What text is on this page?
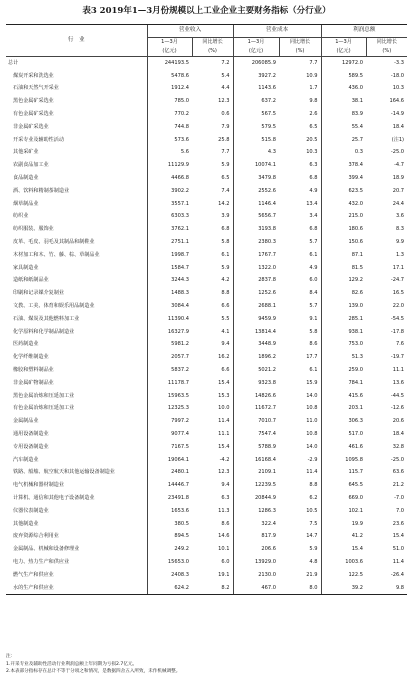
表3 2019年1—3月份规模以上工业企业主要财务指标（分行业）
行　业	营业收入		营业成本		利润总额	
	1—3月	同比增长	1—3月	同比增长	1—3月	同比增长
	(亿元)	(%)	(亿元)	(%)	(亿元)	(%)
总计	244193.5	7.2	206085.9	7.7	12972.0	-3.3
煤炭开采和洗选业	5478.6	5.4	3927.2	10.9	589.5	-18.0
石油和天然气开采业	1912.4	4.4	1143.6	1.7	436.0	10.3
黑色金属矿采选业	785.0	12.3	637.2	9.8	38.1	164.6
有色金属矿采选业	770.2	0.6	567.5	2.6	83.9	-14.9
非金属矿采选业	744.8	7.9	579.5	6.5	55.4	18.4
开采专业及辅助性活动	573.6	25.8	515.8	20.5	25.7	(注1)
其他采矿业	5.6	7.7	4.3	10.3	0.3	-25.0
农副食品加工业	11129.9	5.9	10074.1	6.3	378.4	-4.7
食品制造业	4466.8	6.5	3479.8	6.8	399.4	18.9
酒、饮料和精制茶制造业	3902.2	7.4	2552.6	4.9	623.5	20.7
烟草制品业	3557.1	14.2	1146.4	13.4	432.0	24.4
纺织业	6303.3	3.9	5656.7	3.4	215.0	3.6
纺织服装、服饰业	3762.1	6.8	3193.8	6.8	180.6	8.3
皮革、毛皮、羽毛及其制品和制鞋业	2751.1	5.8	2380.3	5.7	150.6	9.9
木材加工和木、竹、藤、棕、草制品业	1998.7	6.1	1767.7	6.1	87.1	1.3
家具制造业	1584.7	5.9	1322.0	4.9	81.5	17.1
造纸和纸制品业	3244.3	4.2	2837.8	6.0	129.2	-24.7
印刷和记录媒介复制业	1488.3	8.8	1252.6	8.4	82.6	16.5
文教、工美、体育和娱乐用品制造业	3084.4	6.6	2688.1	5.7	139.0	22.0
石油、煤炭及其他燃料加工业	11390.4	5.5	9459.9	9.1	285.1	-54.5
化学原料和化学制品制造业	16327.9	4.1	13814.4	5.8	938.1	-17.8
医药制造业	5981.2	9.4	3448.9	8.6	753.0	7.6
化学纤维制造业	2057.7	16.2	1896.2	17.7	51.3	-19.7
橡胶和塑料制品业	5837.2	6.6	5021.2	6.1	259.0	11.1
非金属矿物制品业	11178.7	15.4	9323.8	15.9	784.1	13.6
黑色金属冶炼和压延加工业	15963.5	15.3	14826.6	14.0	415.6	-44.5
有色金属冶炼和压延加工业	12325.3	10.0	11672.7	10.8	203.1	-12.6
金属制品业	7997.2	11.4	7010.7	11.0	306.3	20.6
通用设备制造业	9077.4	11.1	7547.4	10.8	517.0	18.4
专用设备制造业	7167.5	15.4	5788.9	14.0	461.6	32.8
汽车制造业	19064.1	-4.2	16168.4	-2.9	1095.8	-25.0
铁路、船舶、航空航天和其他运输设备制造业	2480.1	12.3	2109.1	11.4	115.7	63.6
电气机械和器材制造业	14446.7	9.4	12239.5	8.8	645.5	21.2
计算机、通信和其他电子设备制造业	23491.8	6.3	20844.9	6.2	669.0	-7.0
仪器仪表制造业	1653.6	11.3	1286.3	10.5	102.1	7.0
其他制造业	380.5	8.6	322.4	7.5	19.9	23.6
废弃资源综合利用业	894.5	14.6	817.9	14.7	41.2	15.4
金属制品、机械和设备修理业	249.2	10.1	206.6	5.9	15.4	51.0
电力、热力生产和供应业	15653.0	6.0	13929.0	4.8	1003.6	11.4
燃气生产和供应业	2408.3	19.1	2130.0	21.9	122.5	-26.4
水的生产和供应业	624.2	8.2	467.0	8.0	39.2	9.8
注：
1.开采专业及辅助性活动行业利润总额上年同期为亏损2.7亿元。
2.本表部分指标存在总计不等于分项之和情况，是数据四舍五入所致，未作机械调整。
